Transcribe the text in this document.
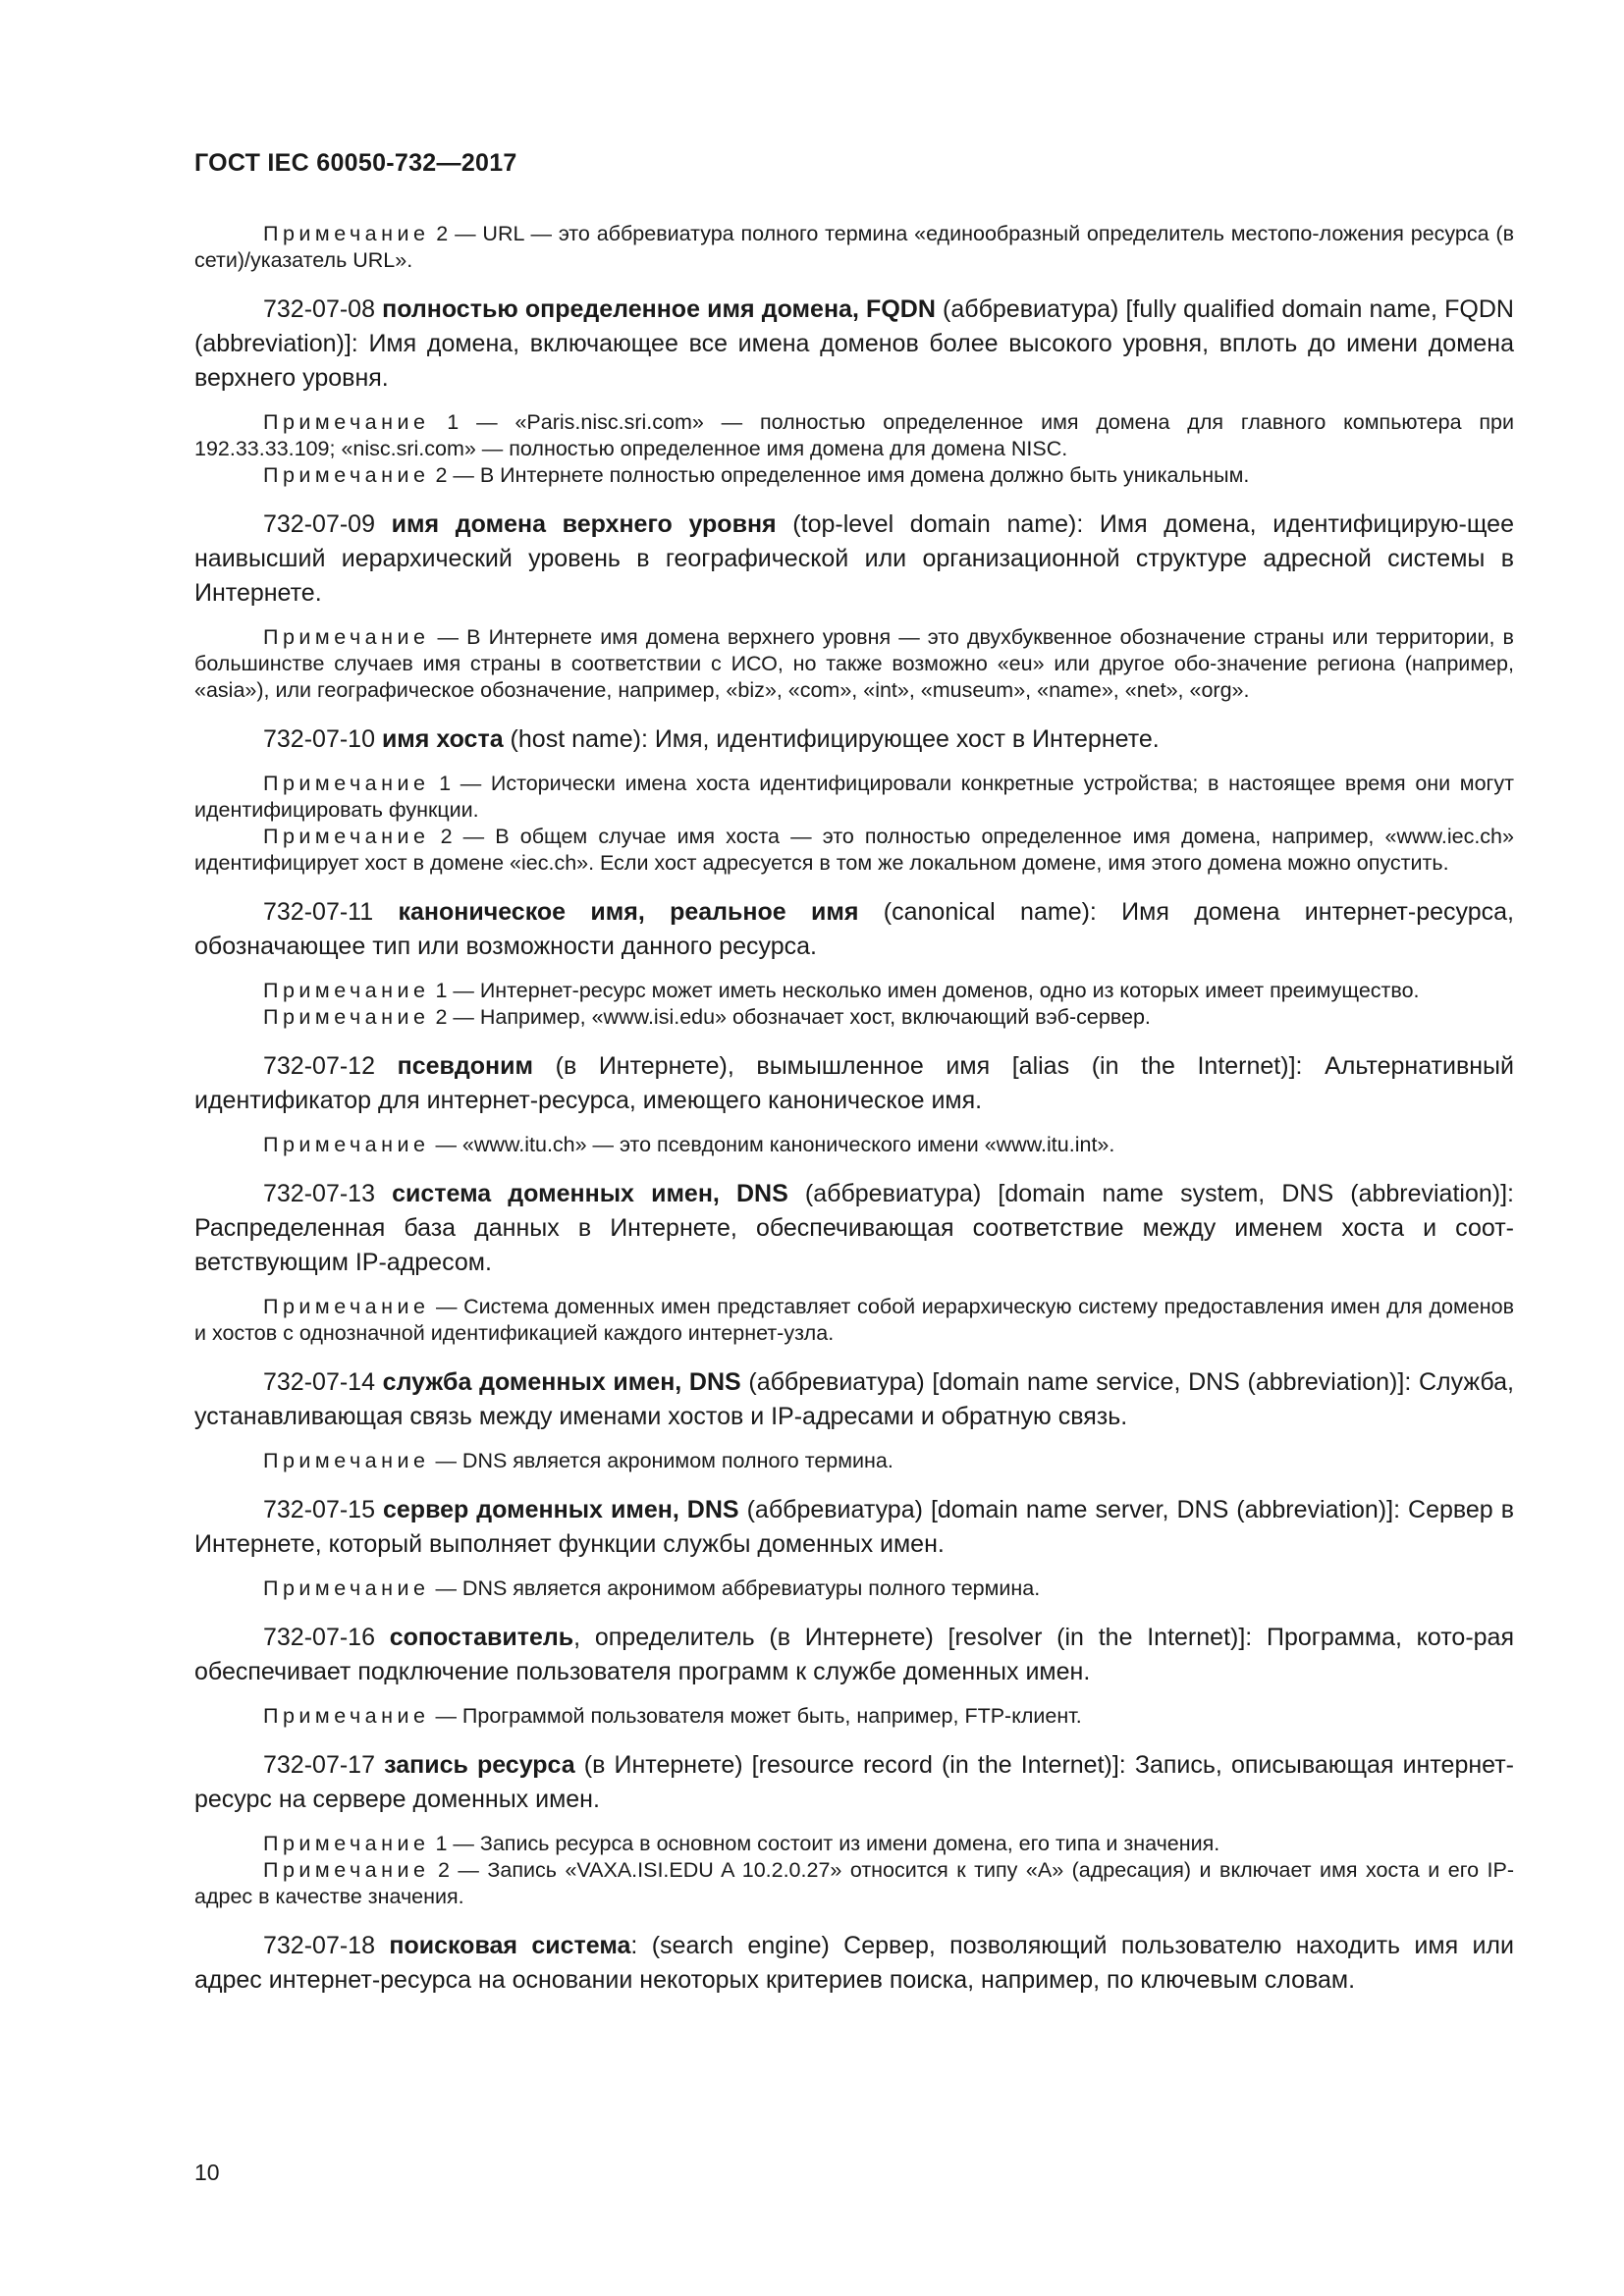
ГОСТ IEC 60050-732—2017

Примечание 2 — URL — это аббревиатура полного термина «единообразный определитель местопо-ложения ресурса (в сети)/указатель URL».

732-07-08 полностью определенное имя домена, FQDN (аббревиатура) [fully qualified domain name, FQDN (abbreviation)]: Имя домена, включающее все имена доменов более высокого уровня, вплоть до имени домена верхнего уровня.

Примечание 1 — «Paris.nisc.sri.com» — полностью определенное имя домена для главного компьютера при 192.33.33.109; «nisc.sri.com» — полностью определенное имя домена для домена NISC.

Примечание 2 — В Интернете полностью определенное имя домена должно быть уникальным.

732-07-09 имя домена верхнего уровня (top-level domain name): Имя домена, идентифицирую-щее наивысший иерархический уровень в географической или организационной структуре адресной системы в Интернете.

Примечание — В Интернете имя домена верхнего уровня — это двухбуквенное обозначение страны или территории, в большинстве случаев имя страны в соответствии с ИСО, но также возможно «eu» или другое обо-значение региона (например, «asia»), или географическое обозначение, например, «biz», «com», «int», «museum», «name», «net», «org».

732-07-10 имя хоста (host name): Имя, идентифицирующее хост в Интернете.

Примечание 1 — Исторически имена хоста идентифицировали конкретные устройства; в настоящее время они могут идентифицировать функции.

Примечание 2 — В общем случае имя хоста — это полностью определенное имя домена, например, «www.iec.ch» идентифицирует хост в домене «iec.ch». Если хост адресуется в том же локальном домене, имя этого домена можно опустить.

732-07-11 каноническое имя, реальное имя (canonical name): Имя домена интернет-ресурса, обозначающее тип или возможности данного ресурса.

Примечание 1 — Интернет-ресурс может иметь несколько имен доменов, одно из которых имеет преимущество.

Примечание 2 — Например, «www.isi.edu» обозначает хост, включающий вэб-сервер.

732-07-12 псевдоним (в Интернете), вымышленное имя [alias (in the Internet)]: Альтернативный идентификатор для интернет-ресурса, имеющего каноническое имя.

Примечание — «www.itu.ch» — это псевдоним канонического имени «www.itu.int».

732-07-13 система доменных имен, DNS (аббревиатура) [domain name system, DNS (abbreviation)]: Распределенная база данных в Интернете, обеспечивающая соответствие между именем хоста и соот-ветствующим IP-адресом.

Примечание — Система доменных имен представляет собой иерархическую систему предоставления имен для доменов и хостов с однозначной идентификацией каждого интернет-узла.

732-07-14 служба доменных имен, DNS (аббревиатура) [domain name service, DNS (abbreviation)]: Служба, устанавливающая связь между именами хостов и IP-адресами и обратную связь.

Примечание — DNS является акронимом полного термина.

732-07-15 сервер доменных имен, DNS (аббревиатура) [domain name server, DNS (abbreviation)]: Сервер в Интернете, который выполняет функции службы доменных имен.

Примечание — DNS является акронимом аббревиатуры полного термина.

732-07-16 сопоставитель, определитель (в Интернете) [resolver (in the Internet)]: Программа, кото-рая обеспечивает подключение пользователя программ к службе доменных имен.

Примечание — Программой пользователя может быть, например, FTP-клиент.

732-07-17 запись ресурса (в Интернете) [resource record (in the Internet)]: Запись, описывающая интернет-ресурс на сервере доменных имен.

Примечание 1 — Запись ресурса в основном состоит из имени домена, его типа и значения.

Примечание 2 — Запись «VAXA.ISI.EDU A 10.2.0.27» относится к типу «А» (адресация) и включает имя хоста и его IP-адрес в качестве значения.

732-07-18 поисковая система: (search engine) Сервер, позволяющий пользователю находить имя или адрес интернет-ресурса на основании некоторых критериев поиска, например, по ключевым словам.

10
